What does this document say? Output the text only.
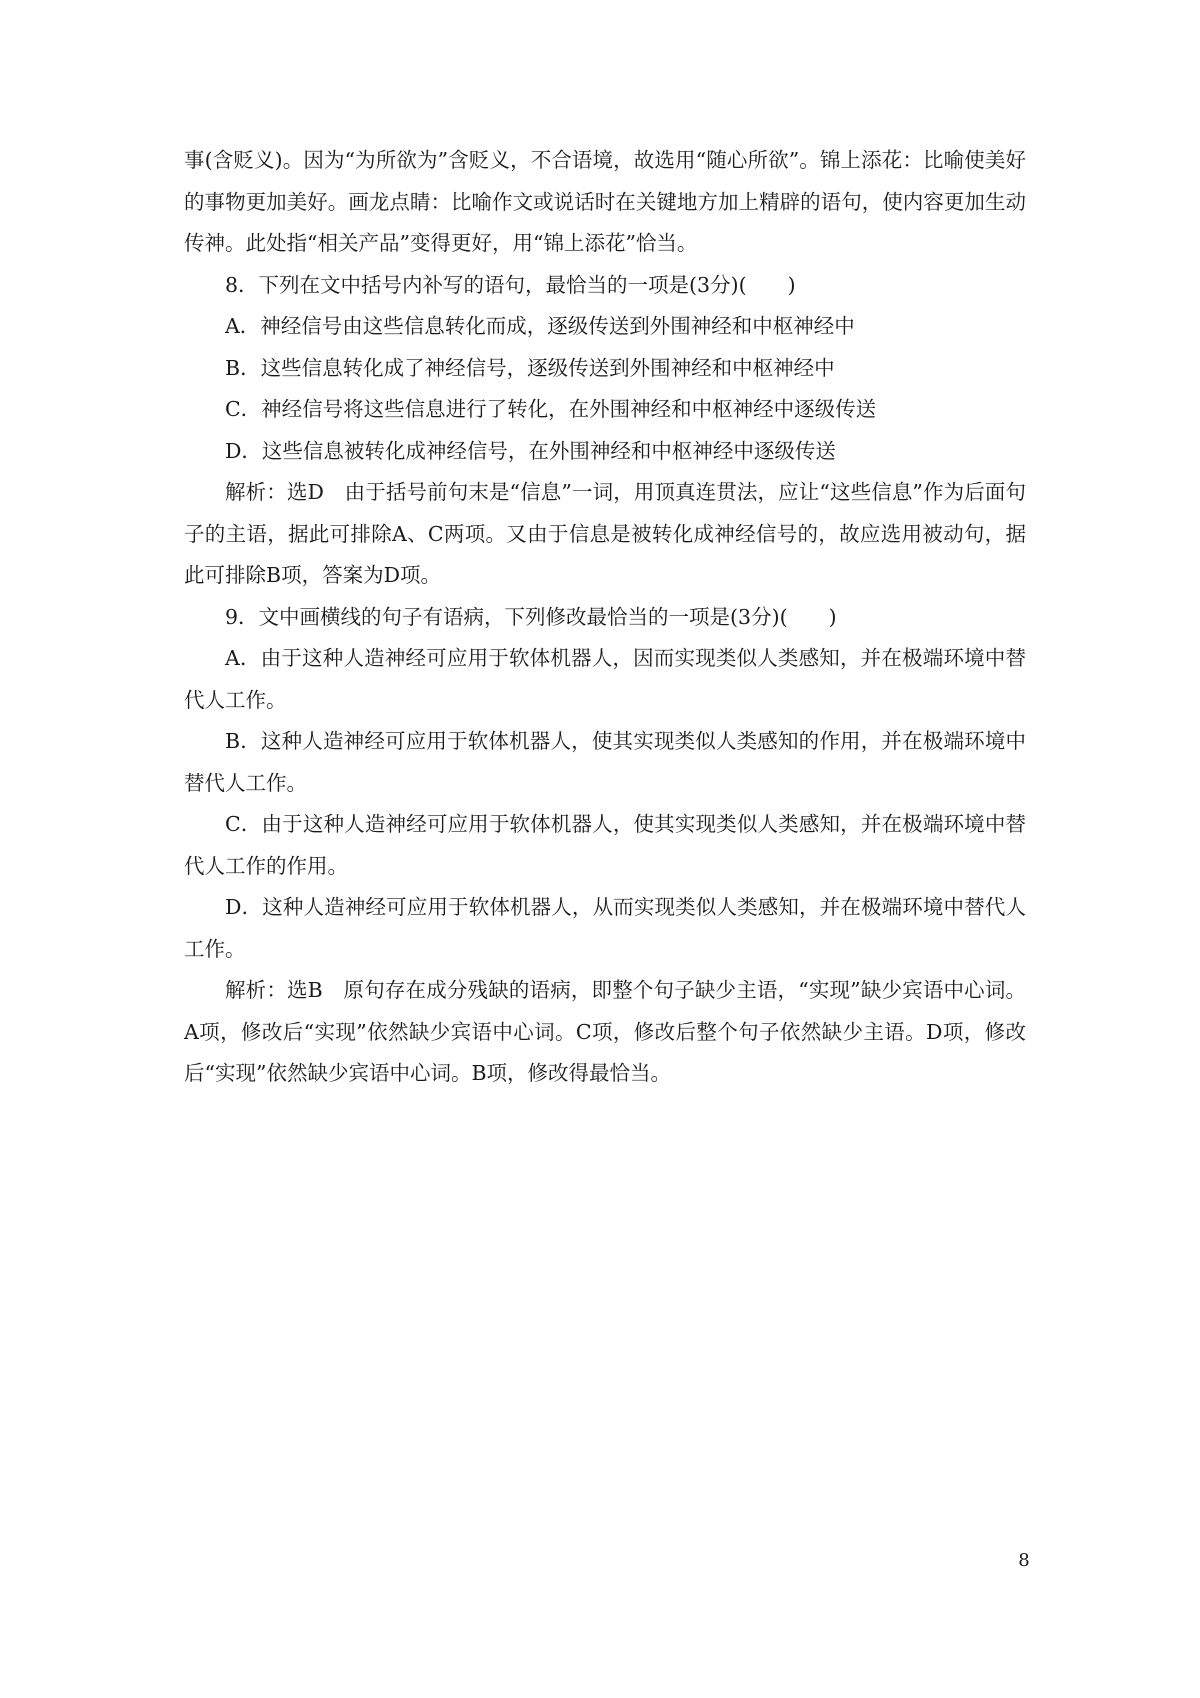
事(含贬义)。因为“为所欲为”含贬义，不合语境，故选用“随心所欲”。锦上添花：比喻使美好的事物更加美好。画龙点睛：比喻作文或说话时在关键地方加上精辟的语句，使内容更加生动传神。此处指“相关产品”变得更好，用“锦上添花”恰当。

8．下列在文中括号内补写的语句，最恰当的一项是(3分)(　　)

A．神经信号由这些信息转化而成，逐级传送到外围神经和中枢神经中

B．这些信息转化成了神经信号，逐级传送到外围神经和中枢神经中

C．神经信号将这些信息进行了转化，在外围神经和中枢神经中逐级传送

D．这些信息被转化成神经信号，在外围神经和中枢神经中逐级传送

解析：选D　由于括号前句末是“信息”一词，用顶真连贯法，应让“这些信息”作为后面句子的主语，据此可排除A、C两项。又由于信息是被转化成神经信号的，故应选用被动句，据此可排除B项，答案为D项。

9．文中画横线的句子有语病，下列修改最恰当的一项是(3分)(　　)

A．由于这种人造神经可应用于软体机器人，因而实现类似人类感知，并在极端环境中替代人工作。

B．这种人造神经可应用于软体机器人，使其实现类似人类感知的作用，并在极端环境中替代人工作。

C．由于这种人造神经可应用于软体机器人，使其实现类似人类感知，并在极端环境中替代人工作的作用。

D．这种人造神经可应用于软体机器人，从而实现类似人类感知，并在极端环境中替代人工作。

解析：选B　原句存在成分残缺的语病，即整个句子缺少主语，“实现”缺少宾语中心词。A项，修改后“实现”依然缺少宾语中心词。C项，修改后整个句子依然缺少主语。D项，修改后“实现”依然缺少宾语中心词。B项，修改得最恰当。

8
